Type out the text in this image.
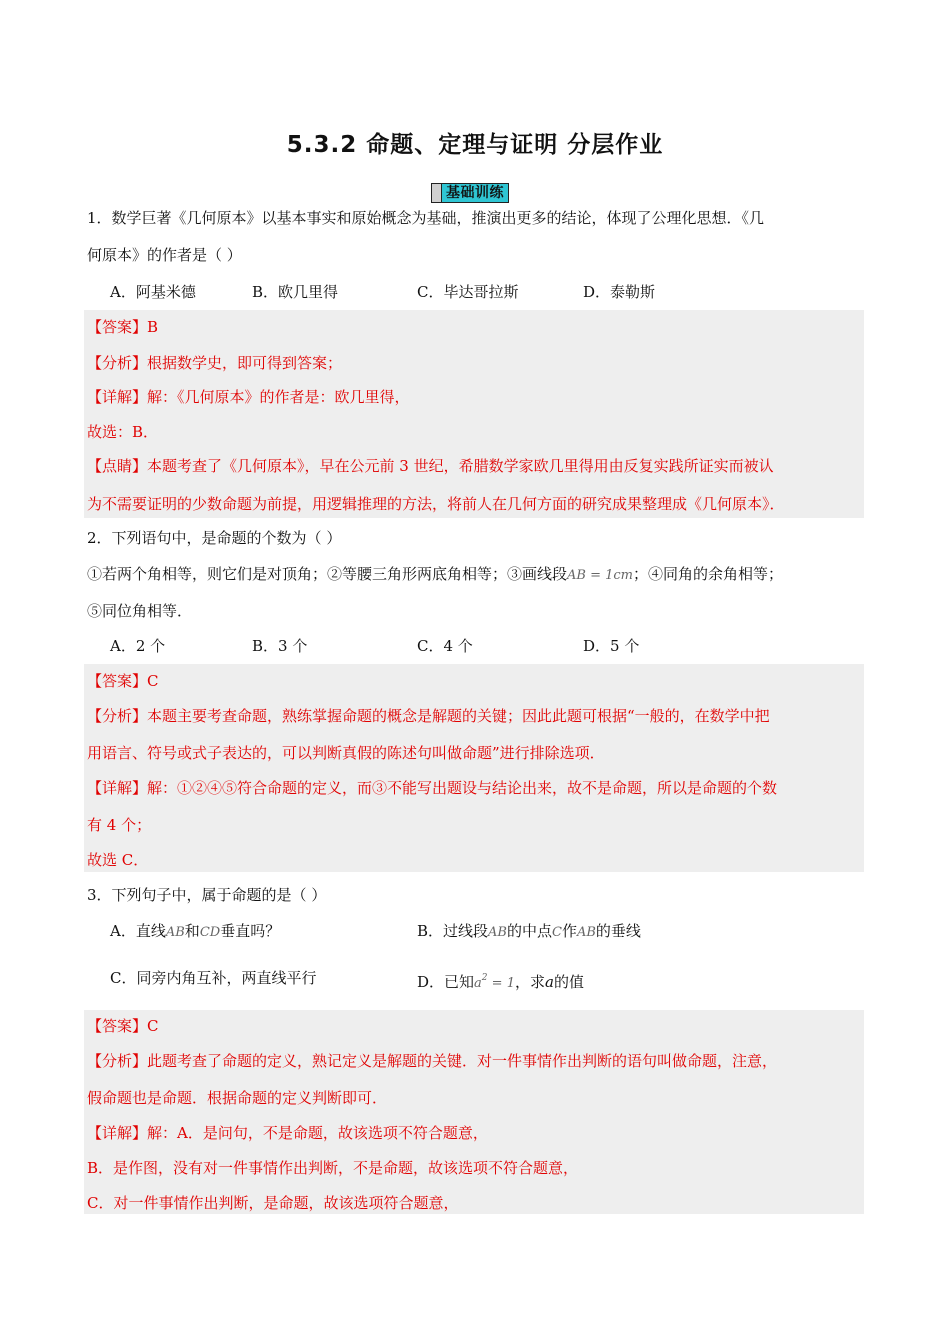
5.3.2 命题、定理与证明 分层作业
基础训练
1．数学巨著《几何原本》以基本事实和原始概念为基础，推演出更多的结论，体现了公理化思想．《几
何原本》的作者是（ ）
A．阿基米德	B．欧几里得	C．毕达哥拉斯	D．泰勒斯
【答案】B
【分析】根据数学史，即可得到答案；
【详解】解：《几何原本》的作者是：欧几里得，
故选：B．
【点睛】本题考查了《几何原本》，早在公元前 3 世纪，希腊数学家欧几里得用由反复实践所证实而被认
为不需要证明的少数命题为前提，用逻辑推理的方法，将前人在几何方面的研究成果整理成《几何原本》．
2．下列语句中，是命题的个数为（ ）
①若两个角相等，则它们是对顶角；②等腰三角形两底角相等；③画线段AB = 1cm；④同角的余角相等；
⑤同位角相等．
A．2 个	B．3 个	C．4 个	D．5 个
【答案】C
【分析】本题主要考查命题，熟练掌握命题的概念是解题的关键；因此此题可根据“一般的，在数学中把
用语言、符号或式子表达的，可以判断真假的陈述句叫做命题”进行排除选项．
【详解】解：①②④⑤符合命题的定义，而③不能写出题设与结论出来，故不是命题，所以是命题的个数
有 4 个；
故选 C．
3．下列句子中，属于命题的是（ ）
A．直线AB和CD垂直吗？	B．过线段AB的中点C作AB的垂线
C．同旁内角互补，两直线平行	D．已知$a^2 = 1$，求a的值
【答案】C
【分析】此题考查了命题的定义，熟记定义是解题的关键．对一件事情作出判断的语句叫做命题，注意，
假命题也是命题．根据命题的定义判断即可．
【详解】解：A．是问句，不是命题，故该选项不符合题意，
B．是作图，没有对一件事情作出判断，不是命题，故该选项不符合题意，
C．对一件事情作出判断，是命题，故该选项符合题意，
